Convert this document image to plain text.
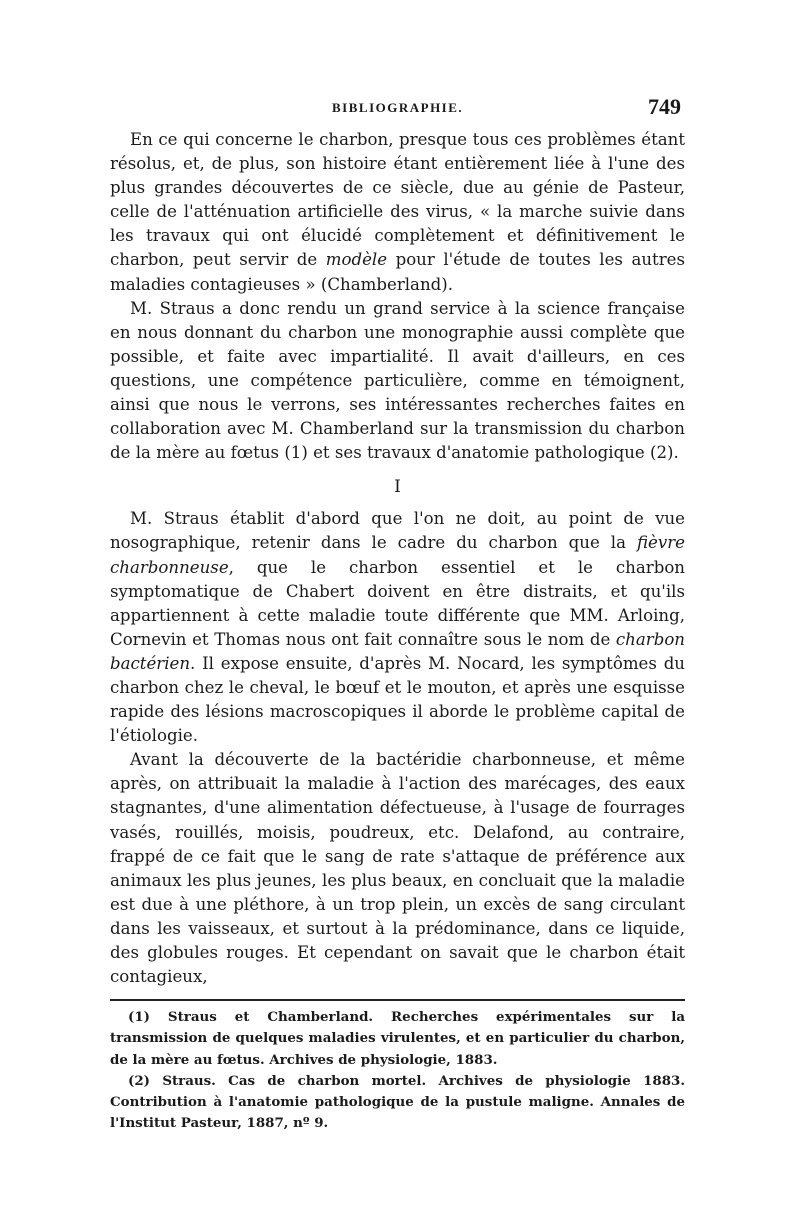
BIBLIOGRAPHIE.	749

En ce qui concerne le charbon, presque tous ces problèmes étant résolus, et, de plus, son histoire étant entièrement liée à l'une des plus grandes découvertes de ce siècle, due au génie de Pasteur, celle de l'atténuation artificielle des virus, « la marche suivie dans les travaux qui ont élucidé complètement et définitivement le charbon, peut servir de modèle pour l'étude de toutes les autres maladies contagieuses » (Chamberland).

M. Straus a donc rendu un grand service à la science française en nous donnant du charbon une monographie aussi complète que possible, et faite avec impartialité. Il avait d'ailleurs, en ces questions, une compétence particulière, comme en témoignent, ainsi que nous le verrons, ses intéressantes recherches faites en collaboration avec M. Chamberland sur la transmission du charbon de la mère au fœtus (1) et ses travaux d'anatomie pathologique (2).

I

M. Straus établit d'abord que l'on ne doit, au point de vue nosographique, retenir dans le cadre du charbon que la fièvre charbonneuse, que le charbon essentiel et le charbon symptomatique de Chabert doivent en être distraits, et qu'ils appartiennent à cette maladie toute différente que MM. Arloing, Cornevin et Thomas nous ont fait connaître sous le nom de charbon bactérien. Il expose ensuite, d'après M. Nocard, les symptômes du charbon chez le cheval, le bœuf et le mouton, et après une esquisse rapide des lésions macroscopiques il aborde le problème capital de l'étiologie.

Avant la découverte de la bactéridie charbonneuse, et même après, on attribuait la maladie à l'action des marécages, des eaux stagnantes, d'une alimentation défectueuse, à l'usage de fourrages vasés, rouillés, moisis, poudreux, etc. Delafond, au contraire, frappé de ce fait que le sang de rate s'attaque de préférence aux animaux les plus jeunes, les plus beaux, en concluait que la maladie est due à une pléthore, à un trop plein, un excès de sang circulant dans les vaisseaux, et surtout à la prédominance, dans ce liquide, des globules rouges. Et cependant on savait que le charbon était contagieux,

(1) Straus et Chamberland. Recherches expérimentales sur la transmission de quelques maladies virulentes, et en particulier du charbon, de la mère au fœtus. Archives de physiologie, 1883.

(2) Straus. Cas de charbon mortel. Archives de physiologie 1883. Contribution à l'anatomie pathologique de la pustule maligne. Annales de l'Institut Pasteur, 1887, nº 9.
